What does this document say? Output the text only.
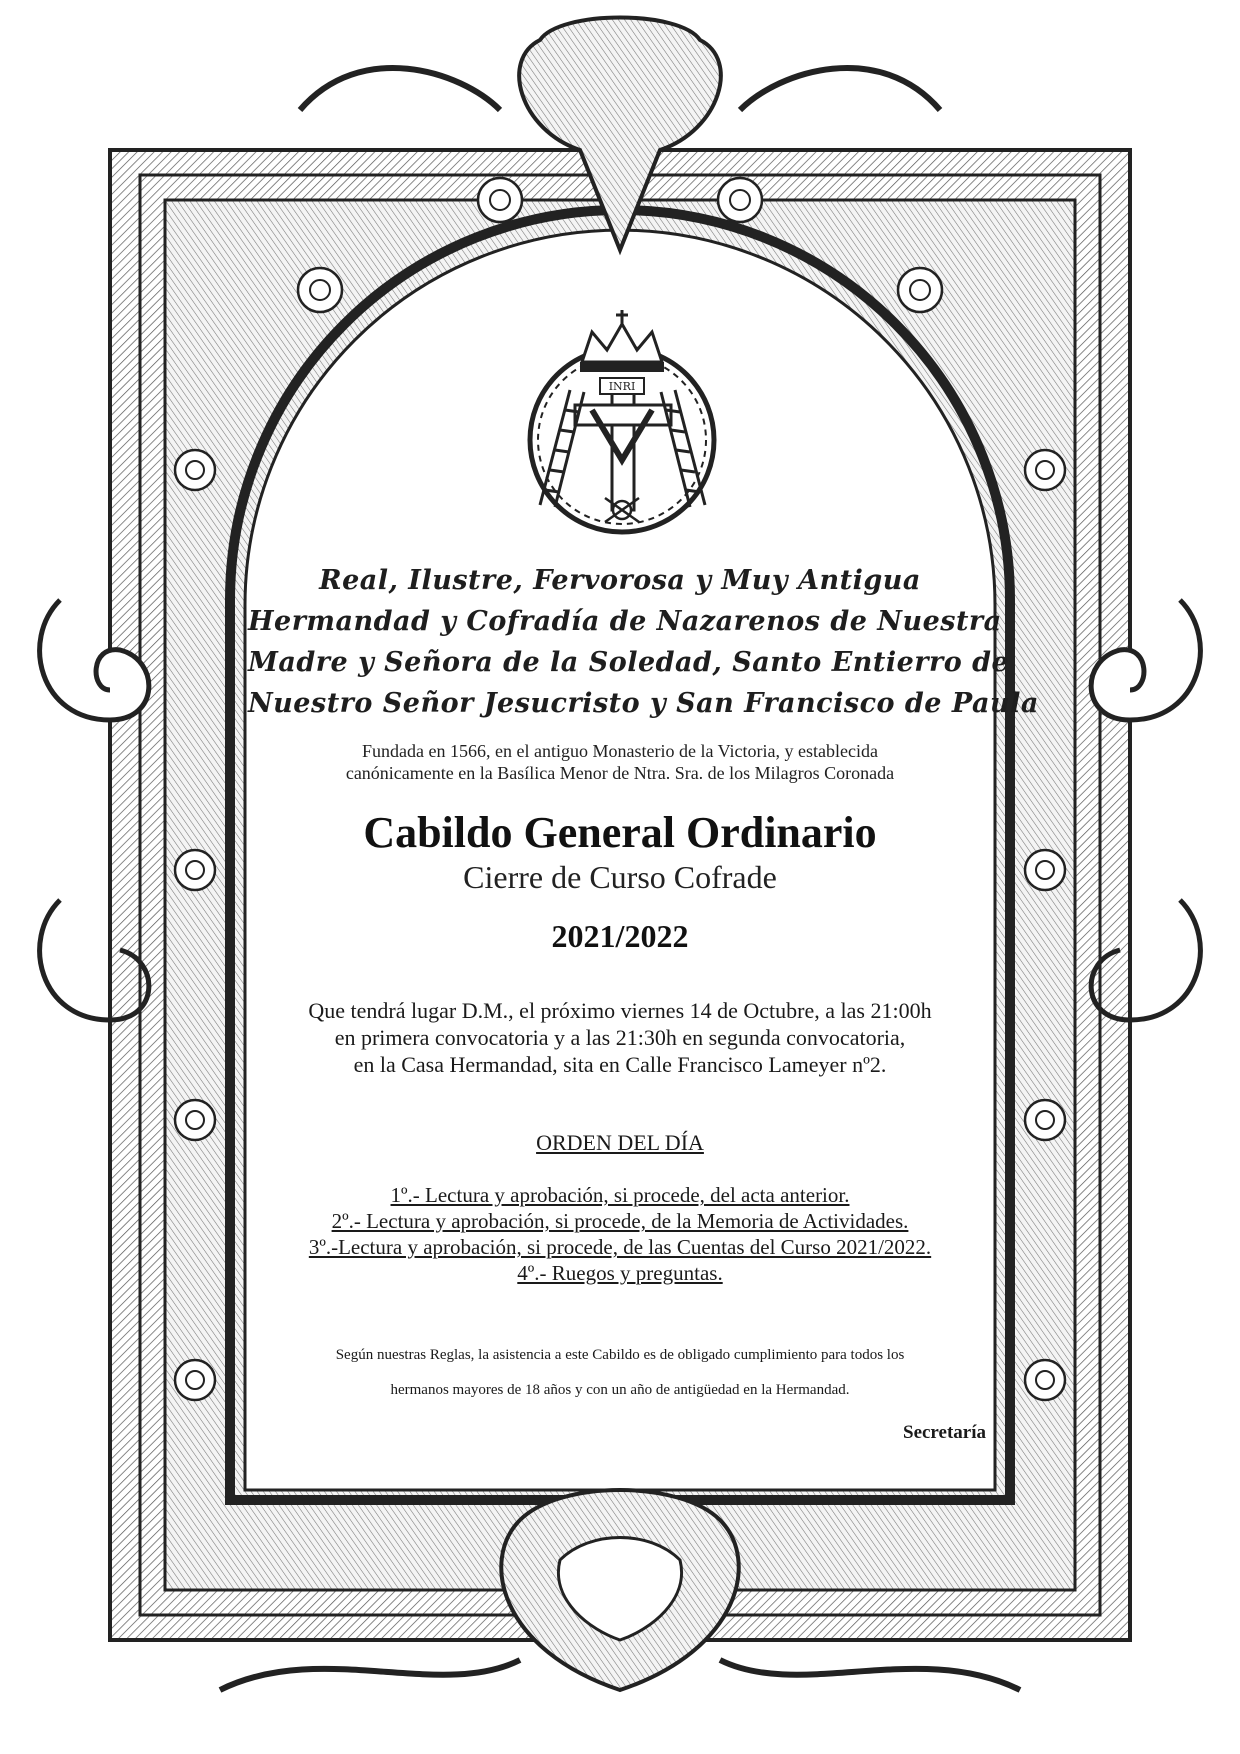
INRI
Real, Ilustre, Fervorosa y Muy Antigua
Hermandad y Cofradía de Nazarenos de Nuestra
Madre y Señora de la Soledad, Santo Entierro de
Nuestro Señor Jesucristo y San Francisco de Paula
Fundada en 1566, en el antiguo Monasterio de la Victoria, y establecida
canónicamente en la Basílica Menor de Ntra. Sra. de los Milagros Coronada
Cabildo General Ordinario
Cierre de Curso Cofrade
2021/2022
Que tendrá lugar D.M., el próximo viernes 14 de Octubre, a las 21:00h
en primera convocatoria y a las 21:30h en segunda convocatoria,
en la Casa Hermandad, sita en Calle Francisco Lameyer nº2.
ORDEN DEL DÍA
1º.- Lectura y aprobación, si procede, del acta anterior.
2º.- Lectura y aprobación, si procede, de la Memoria de Actividades.
3º.-Lectura y aprobación, si procede, de las Cuentas del Curso 2021/2022.
4º.- Ruegos y preguntas.
Según nuestras Reglas, la asistencia a este Cabildo es de obligado cumplimiento para todos los
hermanos mayores de 18 años y con un año de antigüedad en la Hermandad.
Secretaría
